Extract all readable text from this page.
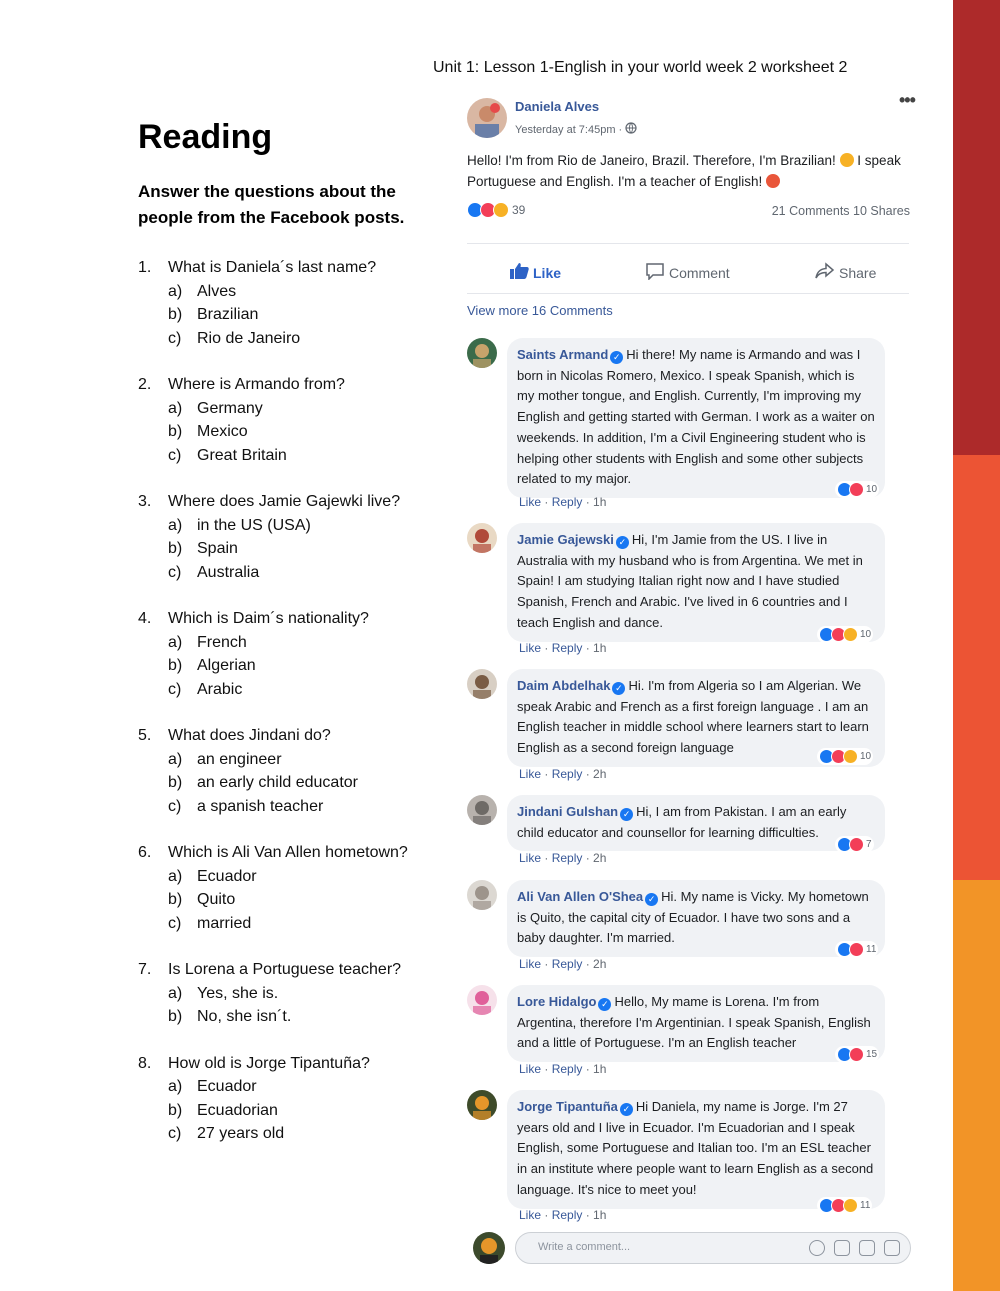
Unit 1: Lesson 1-English in your world week 2 worksheet 2
Reading
Answer the questions about the people from the Facebook posts.
1.	What is Daniela´s last name?
a) Alves
b) Brazilian
c) Rio de Janeiro
2.	Where is Armando from?
a) Germany
b) Mexico
c) Great Britain
3.	Where does Jamie Gajewki live?
a) in the US (USA)
b) Spain
c) Australia
4.	Which is Daim´s nationality?
a) French
b) Algerian
c) Arabic
5.	What does Jindani do?
a) an engineer
b) an early child educator
c) a spanish teacher
6.	Which is Ali Van Allen hometown?
a) Ecuador
b) Quito
c) married
7.	Is Lorena a Portuguese teacher?
a) Yes, she is.
b) No, she isn´t.
8.	How old is Jorge Tipantuña?
a) Ecuador
b) Ecuadorian
c) 27 years old
Daniela Alves
Yesterday at 7:45pm ·
•••
Hello! I'm from Rio de Janeiro, Brazil. Therefore, I'm Brazilian!  I speak Portuguese and English. I'm a teacher of English!
39	21 Comments 10 Shares
Like	Comment	Share
View more 16 Comments
Saints Armand ✓ Hi there! My name is Armando and was I born in Nicolas Romero, Mexico. I speak Spanish, which is my mother tongue, and English. Currently, I'm improving my English and getting started with German. I work as a waiter on weekends. In addition, I'm a Civil Engineering student who is helping other students with English and some other subjects related to my major.
10
Like · Reply · 1h
Jamie Gajewski ✓ Hi, I'm Jamie from the US. I live in Australia with my husband who is from Argentina. We met in Spain! I am studying Italian right now and I have studied Spanish, French and Arabic. I've lived in 6 countries and I teach English and dance.
10
Like · Reply · 1h
Daim Abdelhak ✓ Hi. I'm from Algeria so I am Algerian. We speak Arabic and French as a first foreign language . I am an English teacher in middle school where learners start to learn English as a second foreign language
10
Like · Reply · 2h
Jindani Gulshan ✓ Hi, I am from Pakistan. I am an early child educator and counsellor for learning difficulties.
7
Like · Reply · 2h
Ali Van Allen O'Shea ✓ Hi. My name is Vicky. My hometown is Quito, the capital city of Ecuador. I have two sons and a baby daughter. I'm married.
11
Like · Reply · 2h
Lore Hidalgo ✓ Hello, My mame is Lorena. I'm from Argentina, therefore I'm Argentinian. I speak Spanish, English and a little of Portuguese. I'm an English teacher
15
Like · Reply · 1h
Jorge Tipantuña ✓ Hi Daniela, my name is Jorge. I'm 27 years old and I live in Ecuador. I'm Ecuadorian and I speak English, some Portuguese and Italian too. I'm an ESL teacher in an institute where people want to learn English as a second language. It's nice to meet you!
11
Like · Reply · 1h
Write a comment...
